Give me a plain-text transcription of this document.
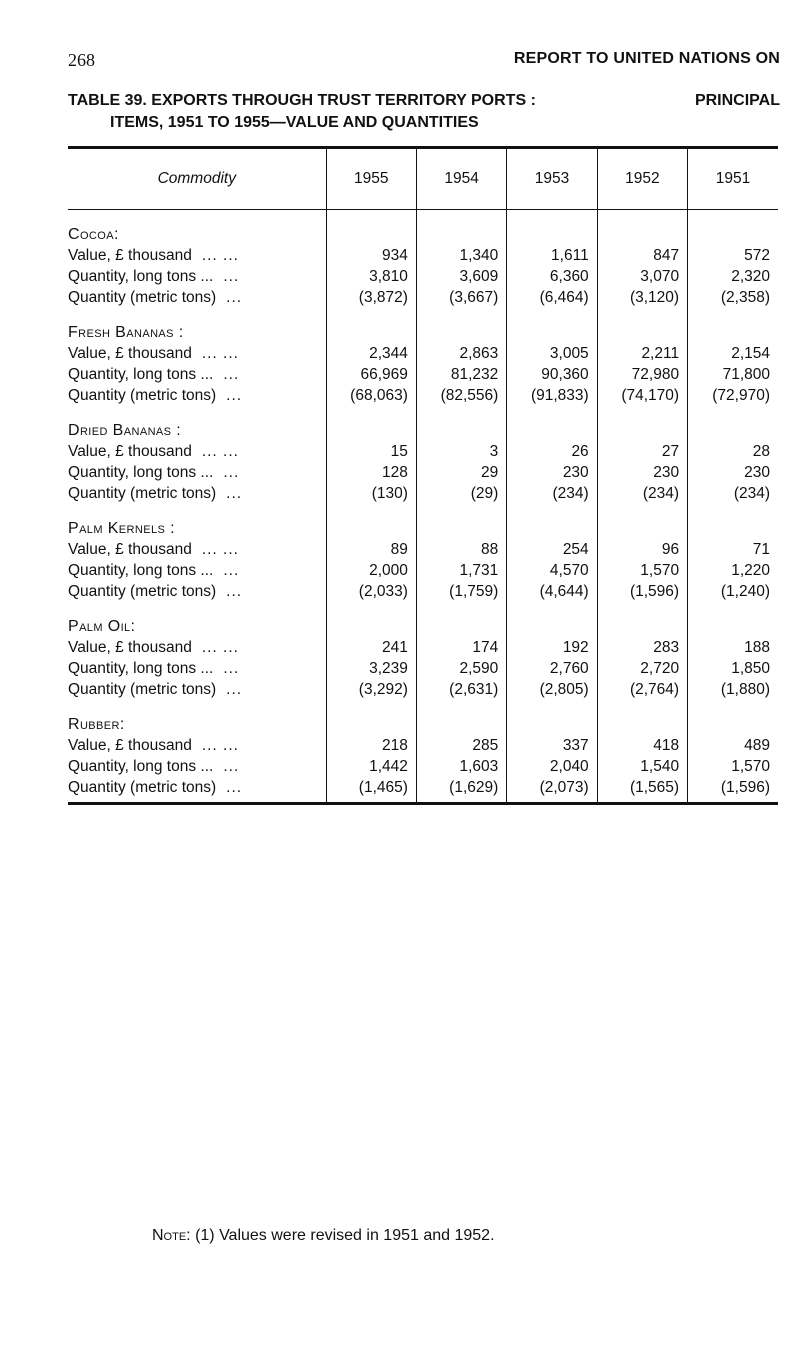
268	REPORT TO UNITED NATIONS ON
TABLE 39. EXPORTS THROUGH TRUST TERRITORY PORTS :	PRINCIPAL
ITEMS, 1951 TO 1955—VALUE AND QUANTITIES
Commodity	1955	1954	1953	1952	1951
Cocoa:					
Value, £ thousand ... ...	934	1,340	1,611	847	572
Quantity, long tons ... ...	3,810	3,609	6,360	3,070	2,320
Quantity (metric tons) ...	(3,872)	(3,667)	(6,464)	(3,120)	(2,358)
Fresh Bananas :					
Value, £ thousand ... ...	2,344	2,863	3,005	2,211	2,154
Quantity, long tons ... ...	66,969	81,232	90,360	72,980	71,800
Quantity (metric tons) ...	(68,063)	(82,556)	(91,833)	(74,170)	(72,970)
Dried Bananas :					
Value, £ thousand ... ...	15	3	26	27	28
Quantity, long tons ... ...	128	29	230	230	230
Quantity (metric tons) ...	(130)	(29)	(234)	(234)	(234)
Palm Kernels :					
Value, £ thousand ... ...	89	88	254	96	71
Quantity, long tons ... ...	2,000	1,731	4,570	1,570	1,220
Quantity (metric tons) ...	(2,033)	(1,759)	(4,644)	(1,596)	(1,240)
Palm Oil:					
Value, £ thousand ... ...	241	174	192	283	188
Quantity, long tons ... ...	3,239	2,590	2,760	2,720	1,850
Quantity (metric tons) ...	(3,292)	(2,631)	(2,805)	(2,764)	(1,880)
Rubber:					
Value, £ thousand ... ...	218	285	337	418	489
Quantity, long tons ... ...	1,442	1,603	2,040	1,540	1,570
Quantity (metric tons) ...	(1,465)	(1,629)	(2,073)	(1,565)	(1,596)
Note: (1) Values were revised in 1951 and 1952.
